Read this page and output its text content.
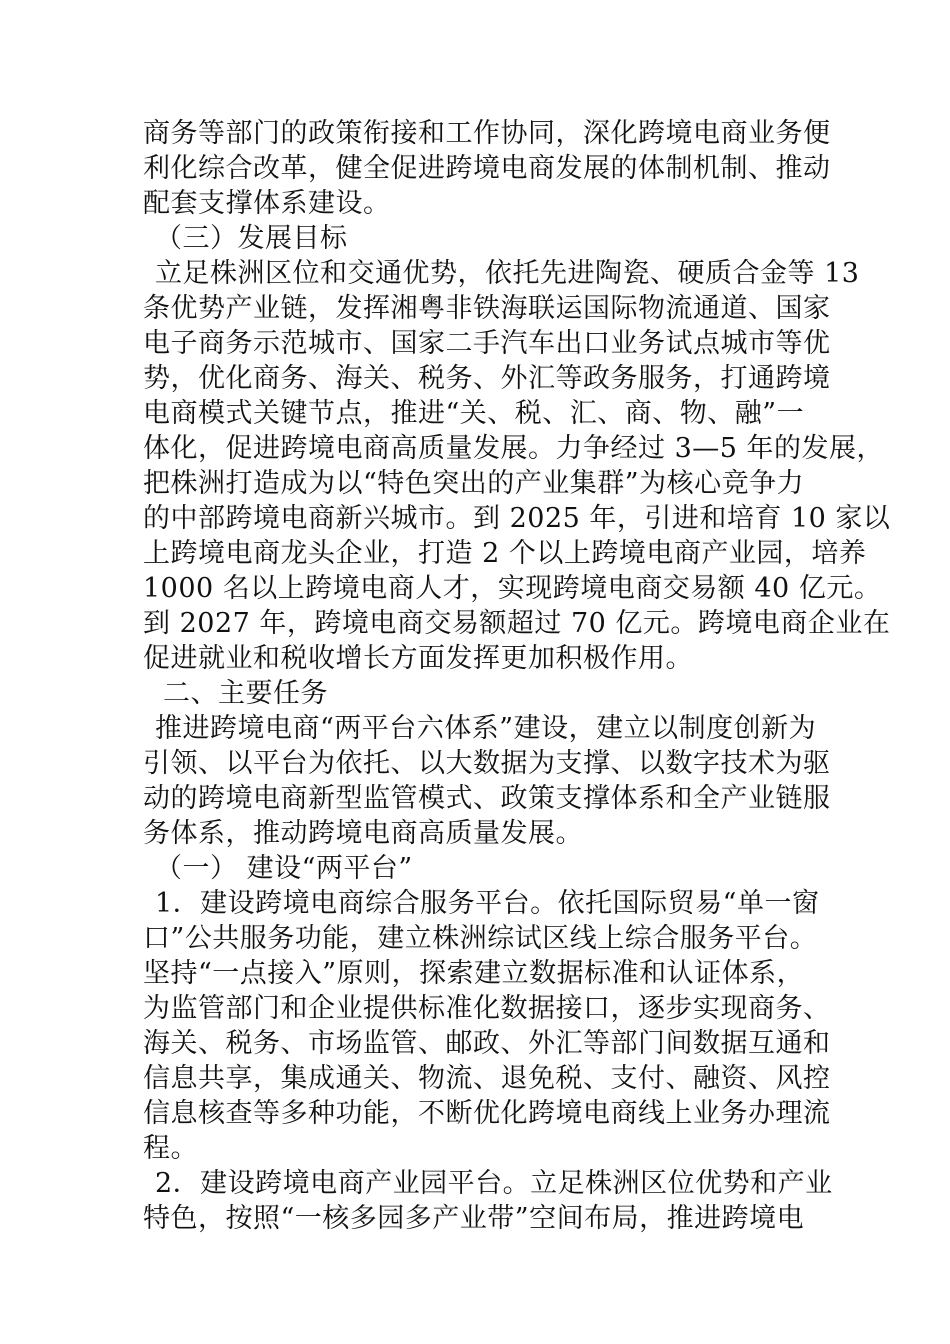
商务等部门的政策衔接和工作协同，深化跨境电商业务便
利化综合改革，健全促进跨境电商发展的体制机制、推动
配套支撑体系建设。
（三）发展目标
立足株洲区位和交通优势，依托先进陶瓷、硬质合金等 13
条优势产业链，发挥湘粤非铁海联运国际物流通道、国家
电子商务示范城市、国家二手汽车出口业务试点城市等优
势，优化商务、海关、税务、外汇等政务服务，打通跨境
电商模式关键节点，推进“关、税、汇、商、物、融”一
体化，促进跨境电商高质量发展。力争经过 3—5 年的发展，
把株洲打造成为以“特色突出的产业集群”为核心竞争力
的中部跨境电商新兴城市。到 2025 年，引进和培育 10 家以
上跨境电商龙头企业，打造 2 个以上跨境电商产业园，培养
1000 名以上跨境电商人才，实现跨境电商交易额 40 亿元。
到 2027 年，跨境电商交易额超过 70 亿元。跨境电商企业在
促进就业和税收增长方面发挥更加积极作用。
二、主要任务
推进跨境电商“两平台六体系”建设，建立以制度创新为
引领、以平台为依托、以大数据为支撑、以数字技术为驱
动的跨境电商新型监管模式、政策支撑体系和全产业链服
务体系，推动跨境电商高质量发展。
（一） 建设“两平台”
1．建设跨境电商综合服务平台。依托国际贸易“单一窗
口”公共服务功能，建立株洲综试区线上综合服务平台。
坚持“一点接入”原则，探索建立数据标准和认证体系，
为监管部门和企业提供标准化数据接口，逐步实现商务、
海关、税务、市场监管、邮政、外汇等部门间数据互通和
信息共享，集成通关、物流、退免税、支付、融资、风控
信息核查等多种功能，不断优化跨境电商线上业务办理流
程。
2．建设跨境电商产业园平台。立足株洲区位优势和产业
特色，按照“一核多园多产业带”空间布局，推进跨境电
